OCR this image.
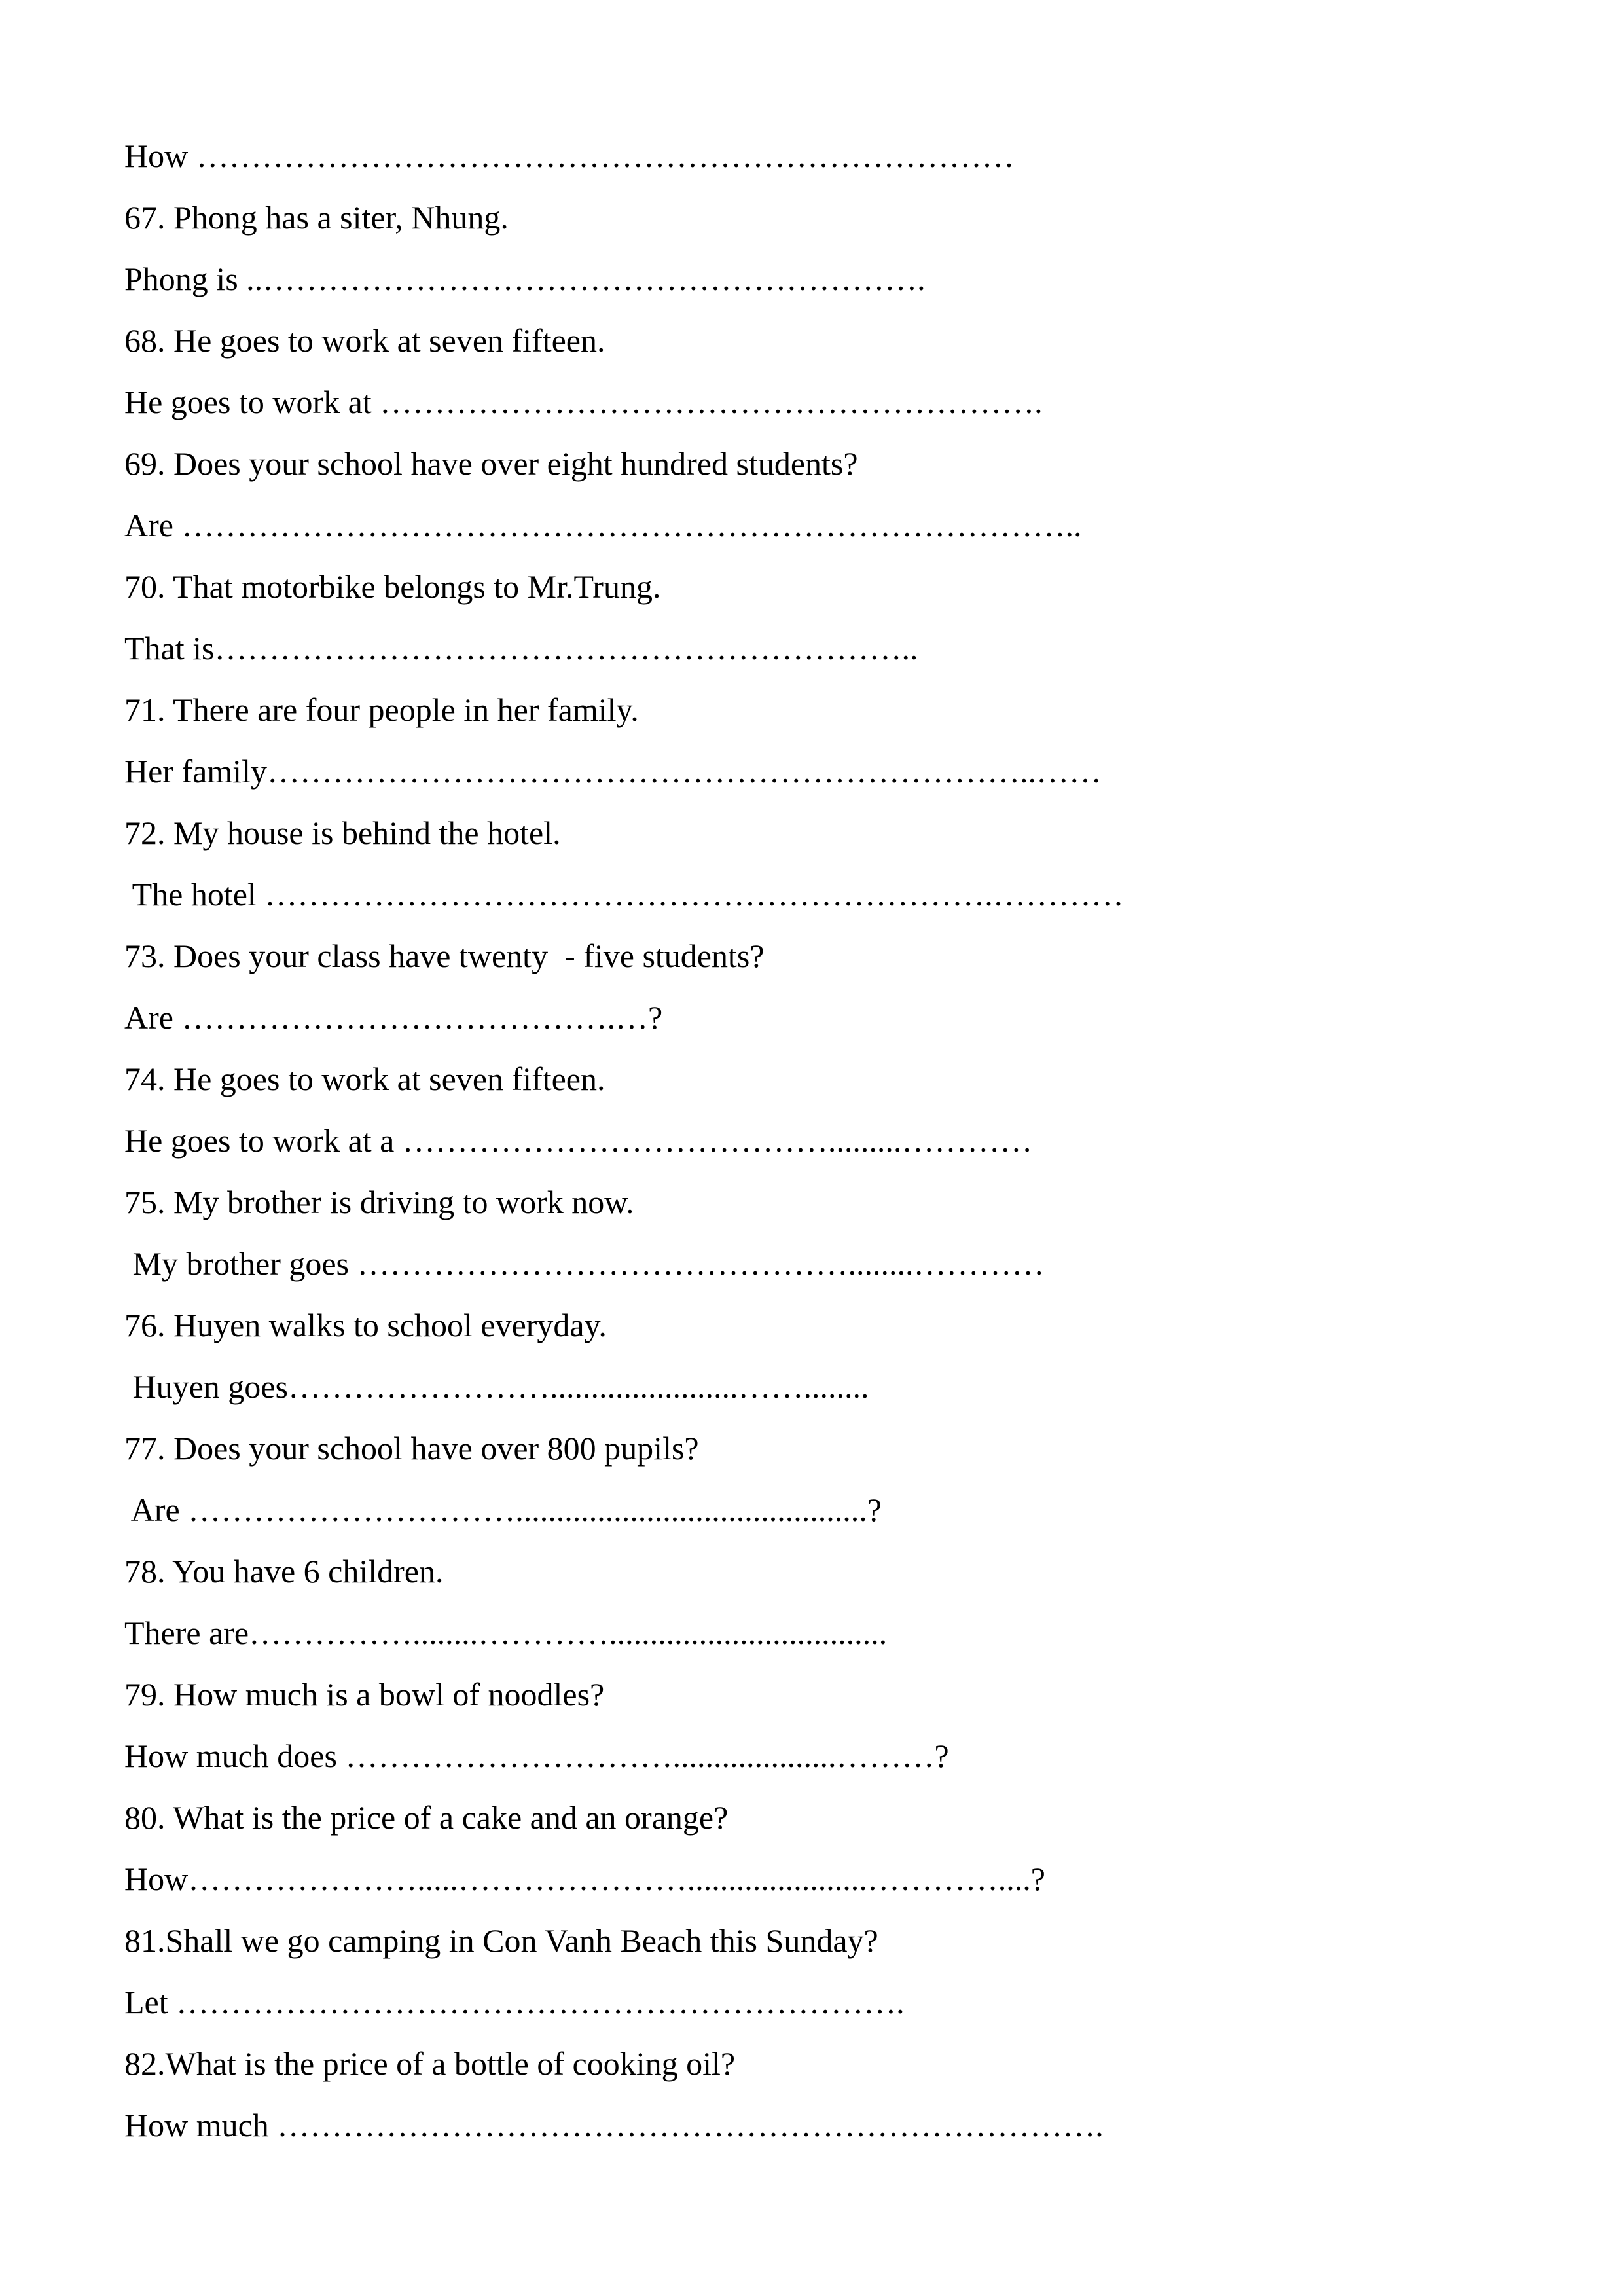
How …………………………………………………………………

67. Phong has a siter, Nhung.

Phong is ..…………………………………………………….

68. He goes to work at seven fifteen.

He goes to work at …………………………………………………….

69. Does your school have over eight hundred students?

Are ………………………………………………………………………..

70. That motorbike belongs to Mr.Trung.

That is………………………………………………………..

71. There are four people in her family.

Her family……………………………………………………………..……

72. My house is behind the hotel.

The hotel ………………………………………………………….…………

73. Does your class have twenty  - five students?

Are ………………………………….…?

74. He goes to work at seven fifteen.

He goes to work at a ………………………………….........…………

75. My brother is driving to work now.

My brother goes ………………………………………........…………

76. Huyen walks to school everyday.

Huyen goes…………………….......................……........

77. Does your school have over 800 pupils?

Are …………………………...........................................?

78. You have 6 children.

There are……………........…………..................................

79. How much is a bowl of noodles?

How much does …………………………....................………?

80. What is the price of a cake and an orange?

How………………….....…………………......................…………....?

81.Shall we go camping in Con Vanh Beach this Sunday?

Let ………………………………………………………….

82.What is the price of a bottle of cooking oil?

How much ………………………………………………………………….
